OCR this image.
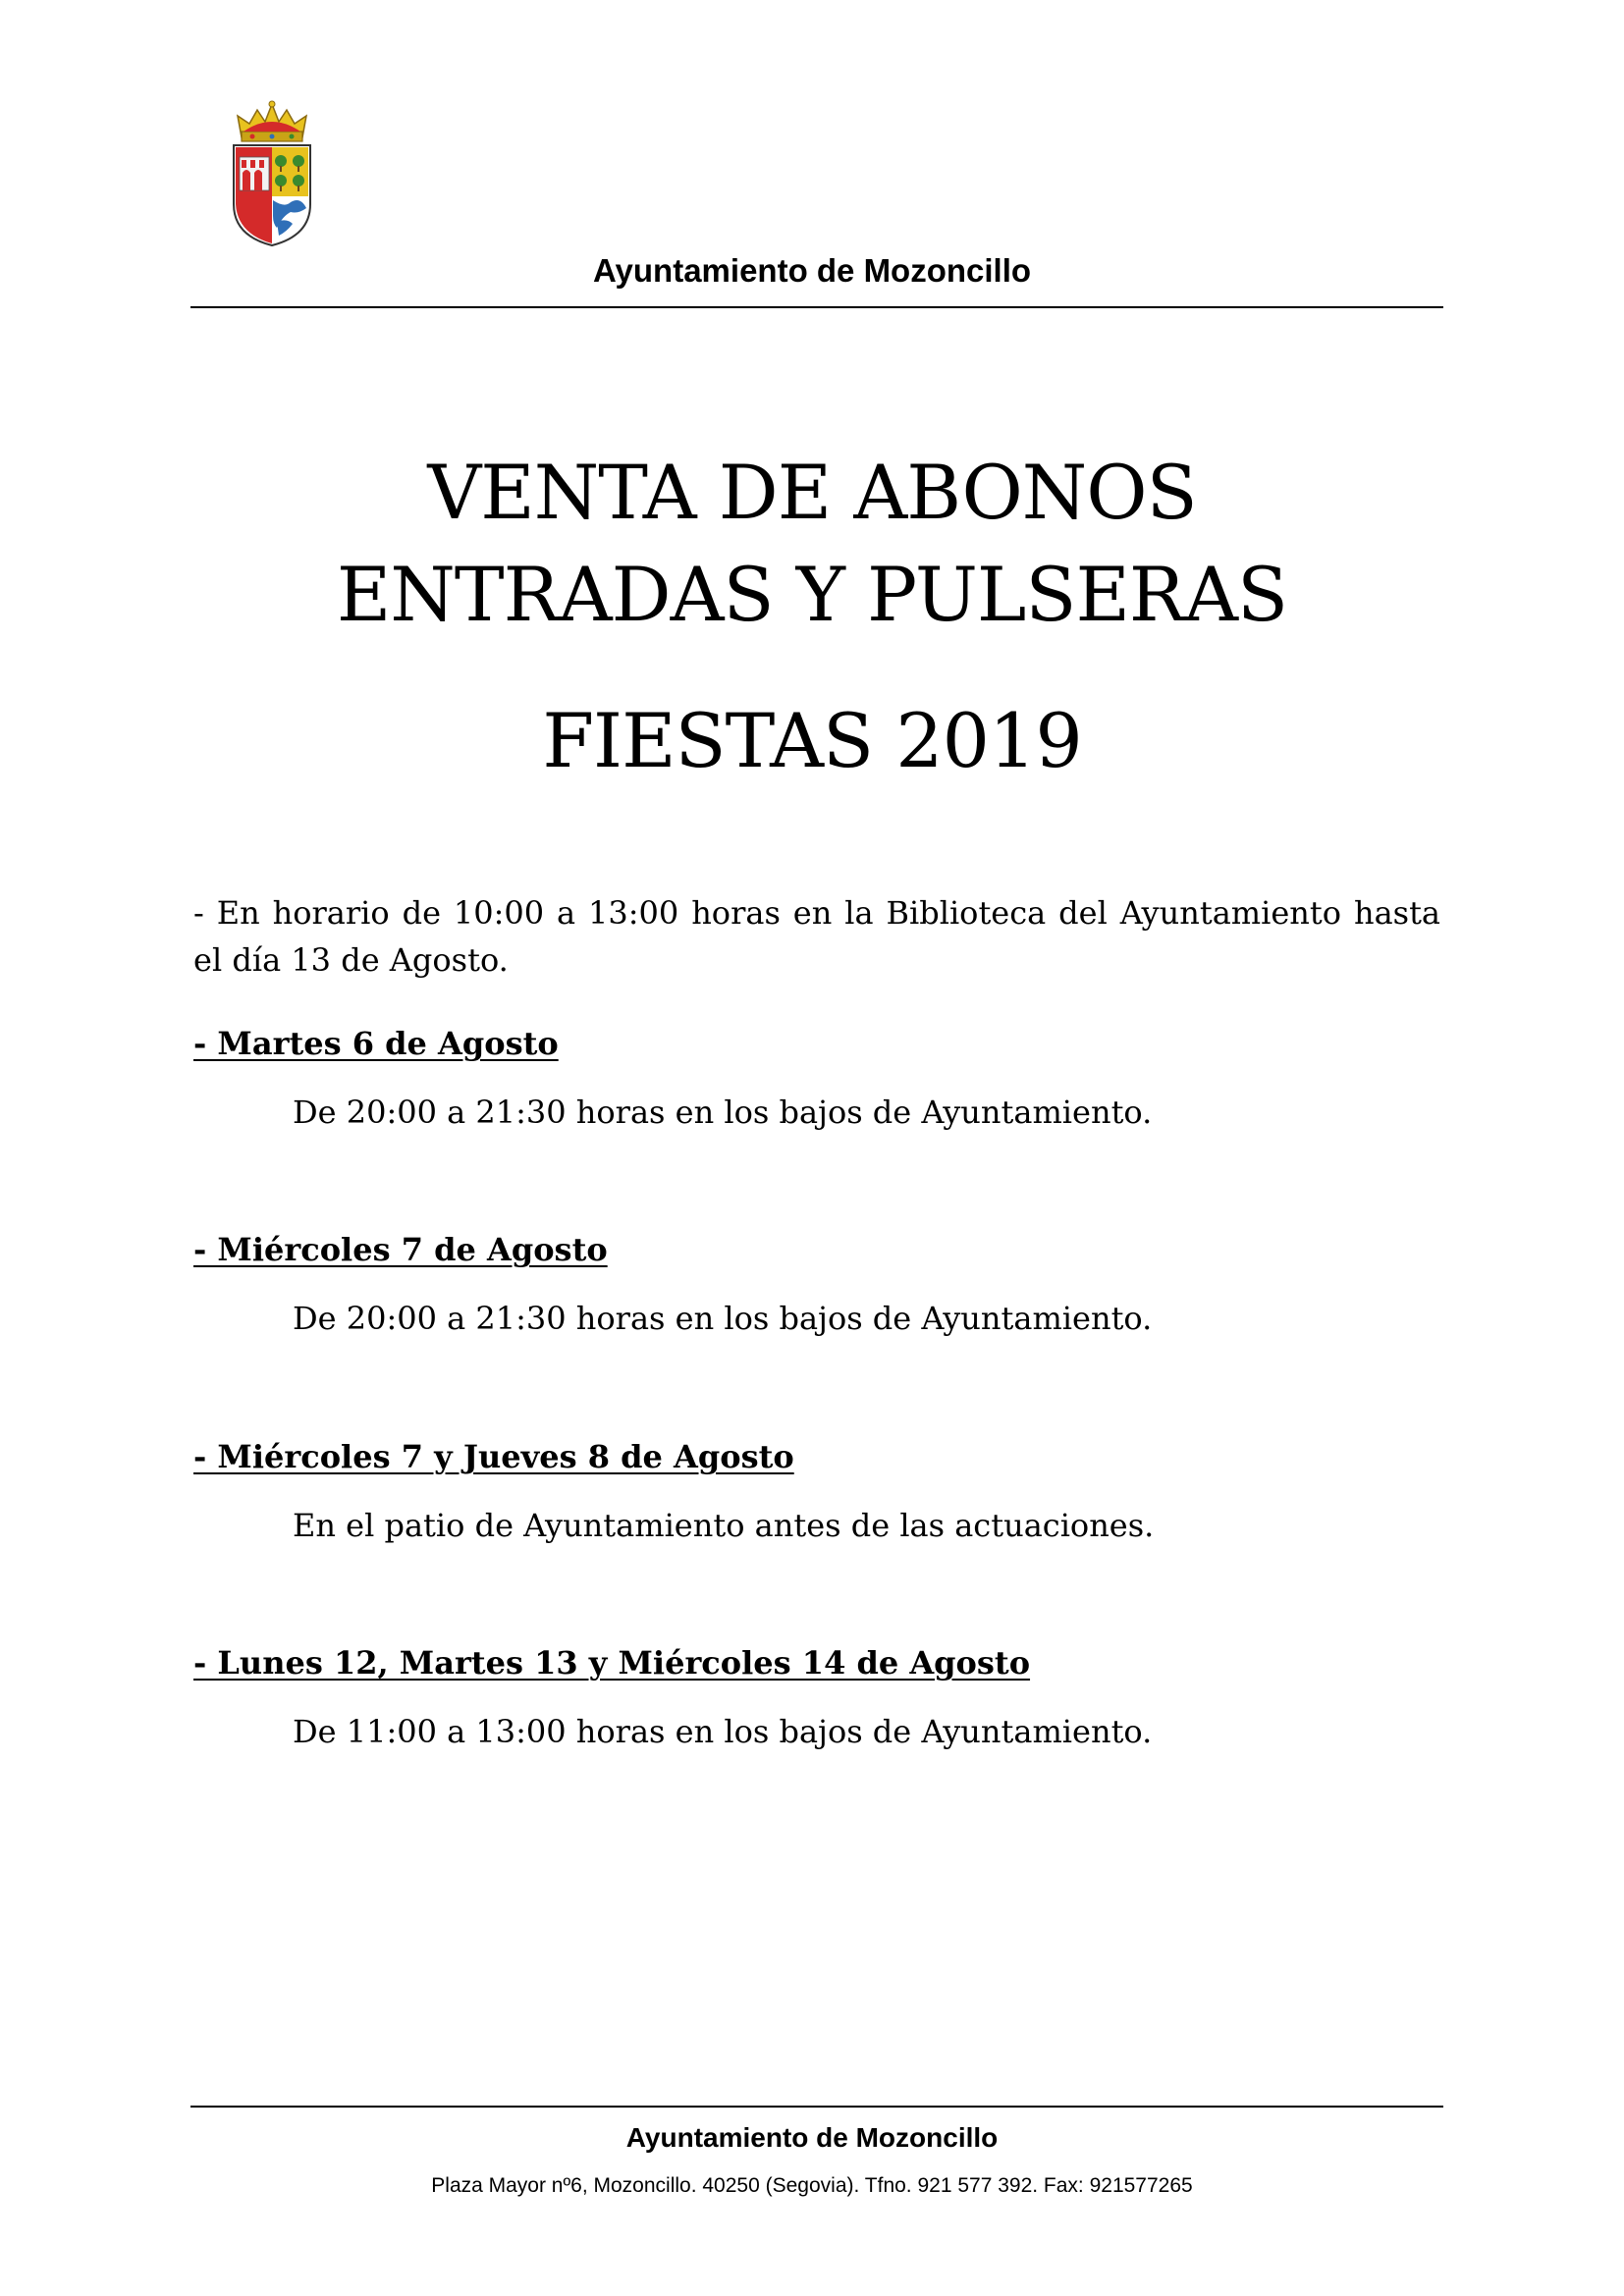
Ayuntamiento de Mozoncillo
VENTA DE ABONOS
ENTRADAS Y PULSERAS
FIESTAS 2019
- En horario de 10:00 a 13:00 horas en la Biblioteca del Ayuntamiento hasta
el día 13 de Agosto.
- Martes 6 de Agosto
De 20:00 a 21:30 horas en los bajos de Ayuntamiento.
- Miércoles 7 de Agosto
De 20:00 a 21:30 horas en los bajos de Ayuntamiento.
- Miércoles 7 y Jueves 8 de Agosto
En el patio de Ayuntamiento antes de las actuaciones.
- Lunes 12, Martes 13 y Miércoles 14 de Agosto
De 11:00 a 13:00 horas en los bajos de Ayuntamiento.
Ayuntamiento de Mozoncillo
Plaza Mayor nº6, Mozoncillo. 40250 (Segovia). Tfno. 921 577 392. Fax: 921577265
